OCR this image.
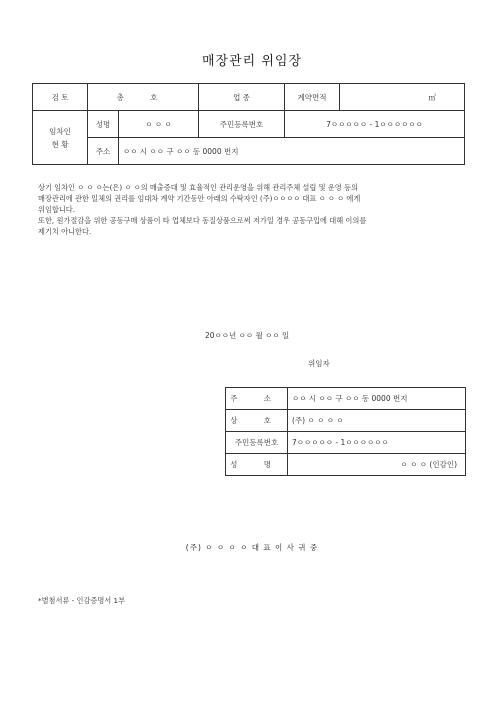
매장관리 위임장
검 토	총 호		업 종	계약면적	㎡

임차인
현 황	성명	ㅇ ㅇ ㅇ	주민등록번호	7ㅇㅇㅇㅇㅇ - 1ㅇㅇㅇㅇㅇㅇ	
	주소	ㅇㅇ 시 ㅇㅇ 구 ㅇㅇ 동 0000 번지			

상기 임차인 ㅇ ㅇ ㅇ는(은) ㅇ ㅇ의 매출증대 및 효율적인 관리운영을 위해 관리주체 설립 및 운영 등의

매장관리에 관한 일체의 권리를 임대차 계약 기간동안 아래의 수탁자인 (주)ㅇㅇㅇㅇ 대표 ㅇ ㅇ ㅇ 에게

위임합니다.

또한, 원가절감을 위한 공동구매 상품이 타 업체보다 동질상품으로써 저가일 경우 공동구입에 대해 이의를

제기치 아니한다.

20ㅇㅇ년 ㅇㅇ 월 ㅇㅇ 일
위임자
주 소	ㅇㅇ 시 ㅇㅇ 구 ㅇㅇ 동 0000 번지
상 호	(주) ㅇ ㅇ ㅇ ㅇ
주민등록번호	7ㅇㅇㅇㅇㅇ - 1ㅇㅇㅇㅇㅇㅇ
성 명	ㅇ ㅇ ㅇ (인감인)
(주) ㅇ ㅇ ㅇ ㅇ 대 표 이 사 귀 중
*별첨서류 - 인감증명서 1부
